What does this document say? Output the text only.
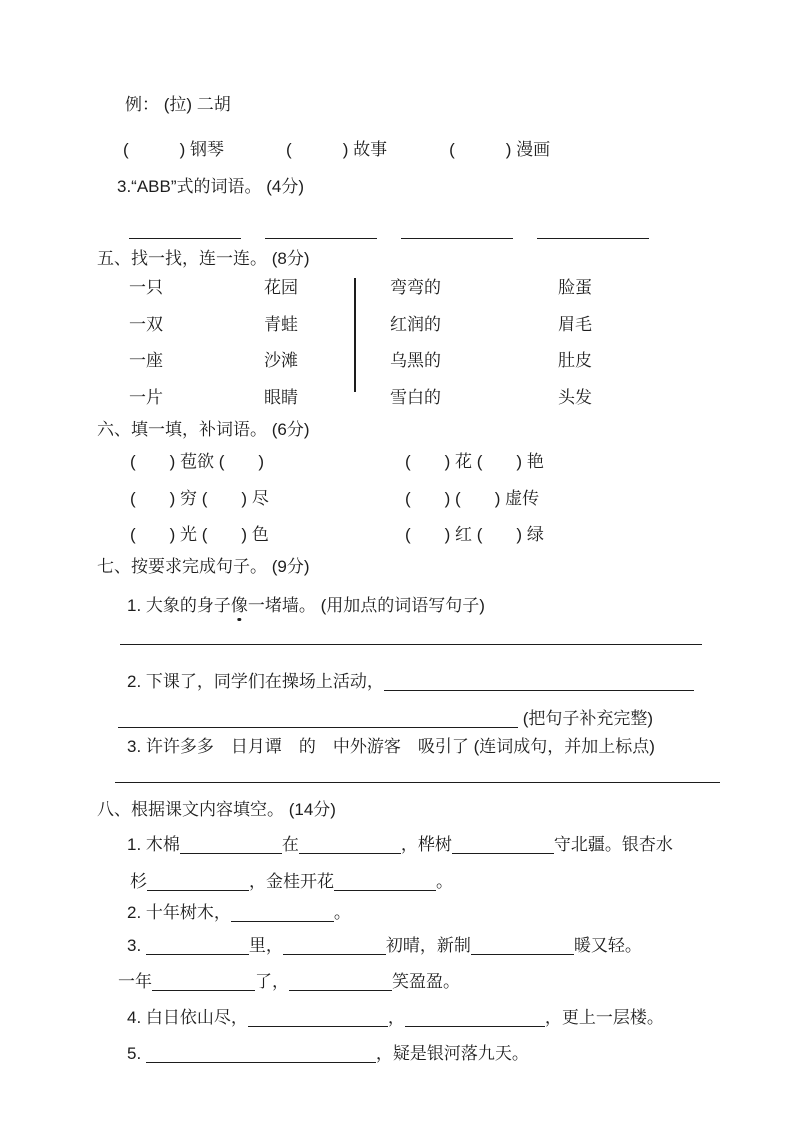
例： (拉) 二胡
(　　　) 钢琴	(　　　) 故事	(　　　) 漫画
3.“ABB”式的词语。 (4分)
五、找一找，连一连。 (8分)
一只	花园	弯弯的	脸蛋
一双	青蛙	红润的	眉毛
一座	沙滩	乌黑的	肚皮
一片	眼睛	雪白的	头发
六、填一填，补词语。 (6分)
(　　) 苞欲 (　　)	(　　) 花 (　　) 艳
(　　) 穷 (　　) 尽	(　　) (　　) 虚传
(　　) 光 (　　) 色	(　　) 红 (　　) 绿
七、按要求完成句子。 (9分)
1. 大象的身子像一堵墙。 (用加点的词语写句子)
2. 下课了，同学们在操场上活动，
(把句子补充完整)
3. 许许多多　日月谭　的　中外游客　吸引了 (连词成句，并加上标点)
八、根据课文内容填空。 (14分)
1. 木棉	在	，桦树	守北疆。银杏水
杉	，金桂开花	。
2. 十年树木，	。
3.	里，	初晴，新制	暖又轻。
一年	了，	笑盈盈。
4. 白日依山尽，	，	，更上一层楼。
5.	，疑是银河落九天。
